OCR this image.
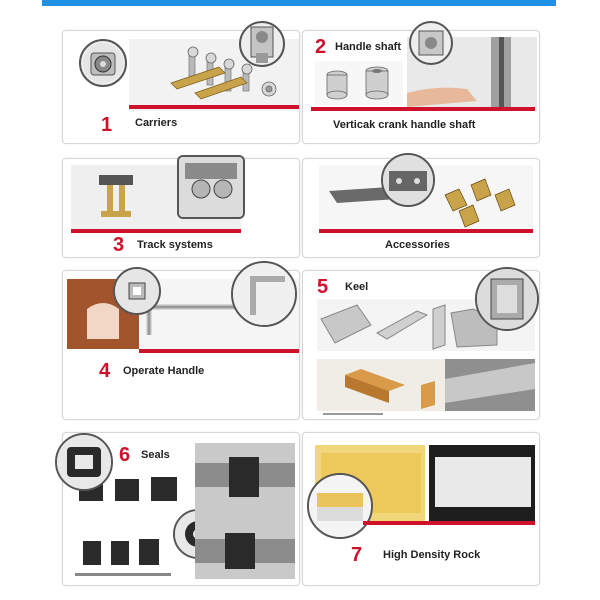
1 Carriers
2 Handle shaft
Verticak crank handle shaft
3 Track systems	Accessories
4 Operate Handle
5 Keel
6 Seals
7 High Density Rock
